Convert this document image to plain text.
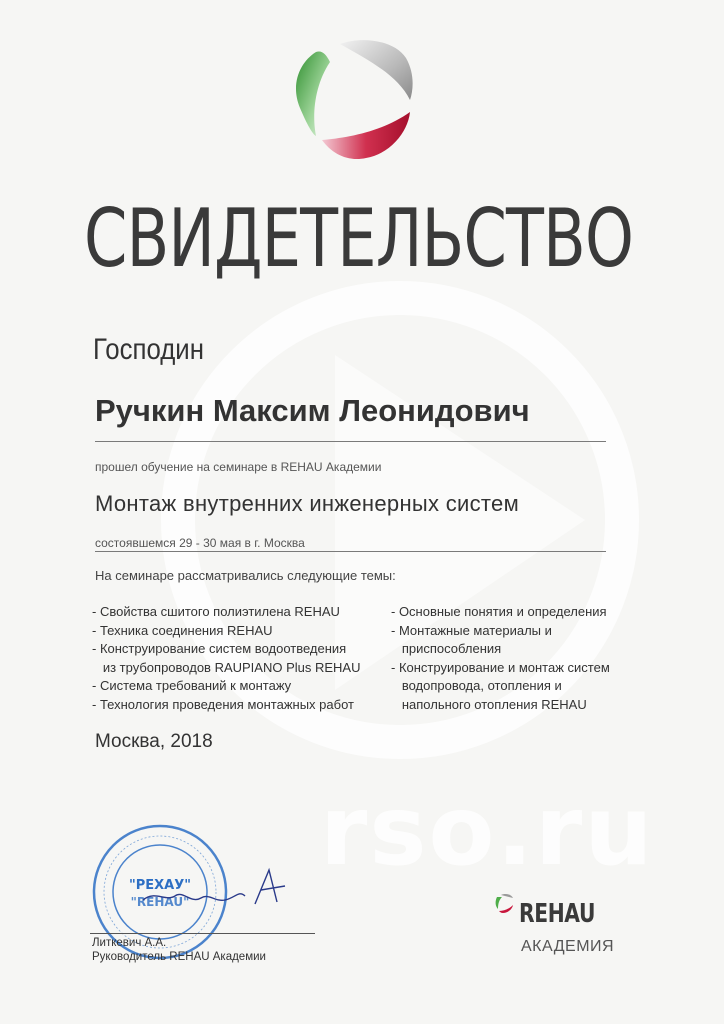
rso.ru
СВИДЕТЕЛЬСТВО
Господин
Ручкин Максим Леонидович
прошел обучение на семинаре в REHAU Академии
Монтаж внутренних инженерных систем
состоявшемся 29 - 30 мая в г. Москва
На семинаре рассматривались следующие темы:
- Свойства сшитого полиэтилена REHAU
- Техника соединения REHAU
- Конструирование систем водоотведения
из трубопроводов RAUPIANO Plus REHAU
- Система требований к монтажу
- Технология проведения монтажных работ
- Основные понятия и определения
- Монтажные материалы и
приспособления
- Конструирование и монтаж систем
водопровода, отопления и
напольного отопления REHAU
Москва, 2018
"РЕХАУ"
"REHAU"
Литкевич А.А.
Руководитель REHAU Академии
REHAU
АКАДЕМИЯ
